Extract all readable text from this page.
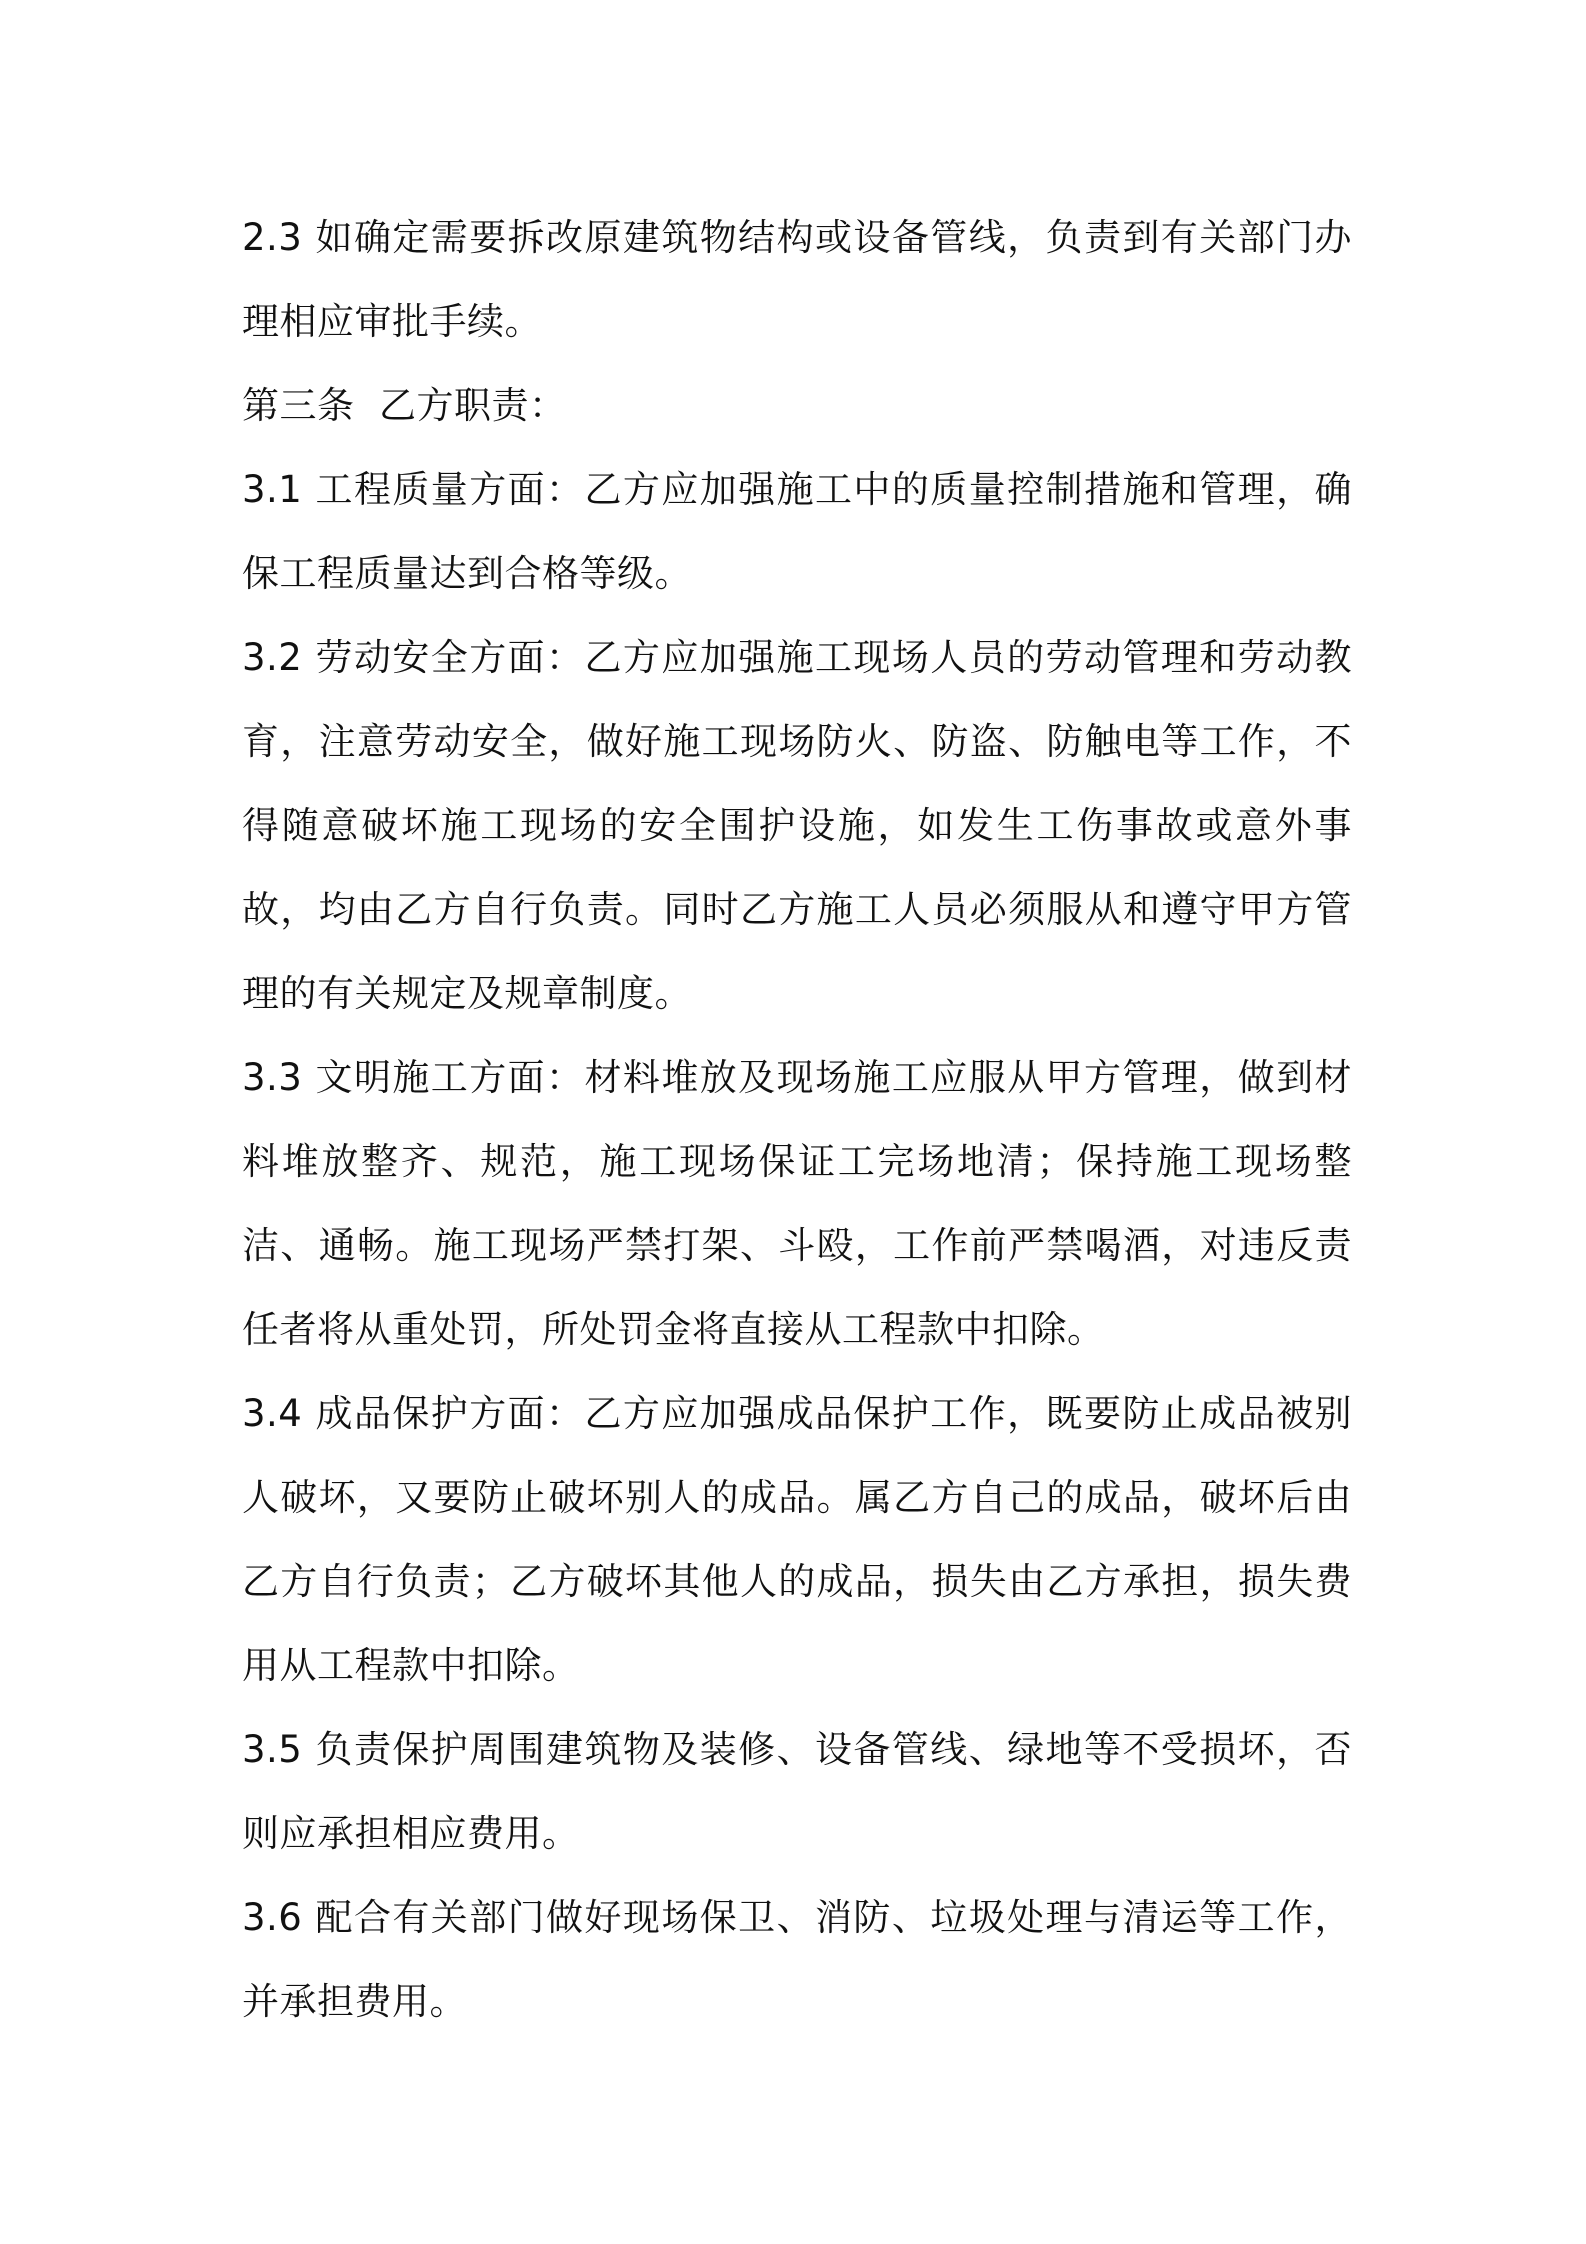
2.3 如确定需要拆改原建筑物结构或设备管线，负责到有关部门办理相应审批手续。

第三条  乙方职责：

3.1 工程质量方面：乙方应加强施工中的质量控制措施和管理，确保工程质量达到合格等级。

3.2 劳动安全方面：乙方应加强施工现场人员的劳动管理和劳动教育，注意劳动安全，做好施工现场防火、防盗、防触电等工作，不得随意破坏施工现场的安全围护设施，如发生工伤事故或意外事故，均由乙方自行负责。同时乙方施工人员必须服从和遵守甲方管理的有关规定及规章制度。

3.3 文明施工方面：材料堆放及现场施工应服从甲方管理，做到材料堆放整齐、规范，施工现场保证工完场地清；保持施工现场整洁、通畅。施工现场严禁打架、斗殴，工作前严禁喝酒，对违反责任者将从重处罚，所处罚金将直接从工程款中扣除。

3.4 成品保护方面：乙方应加强成品保护工作，既要防止成品被别人破坏，又要防止破坏别人的成品。属乙方自己的成品，破坏后由乙方自行负责；乙方破坏其他人的成品，损失由乙方承担，损失费用从工程款中扣除。

3.5 负责保护周围建筑物及装修、设备管线、绿地等不受损坏，否则应承担相应费用。

3.6 配合有关部门做好现场保卫、消防、垃圾处理与清运等工作，并承担费用。
